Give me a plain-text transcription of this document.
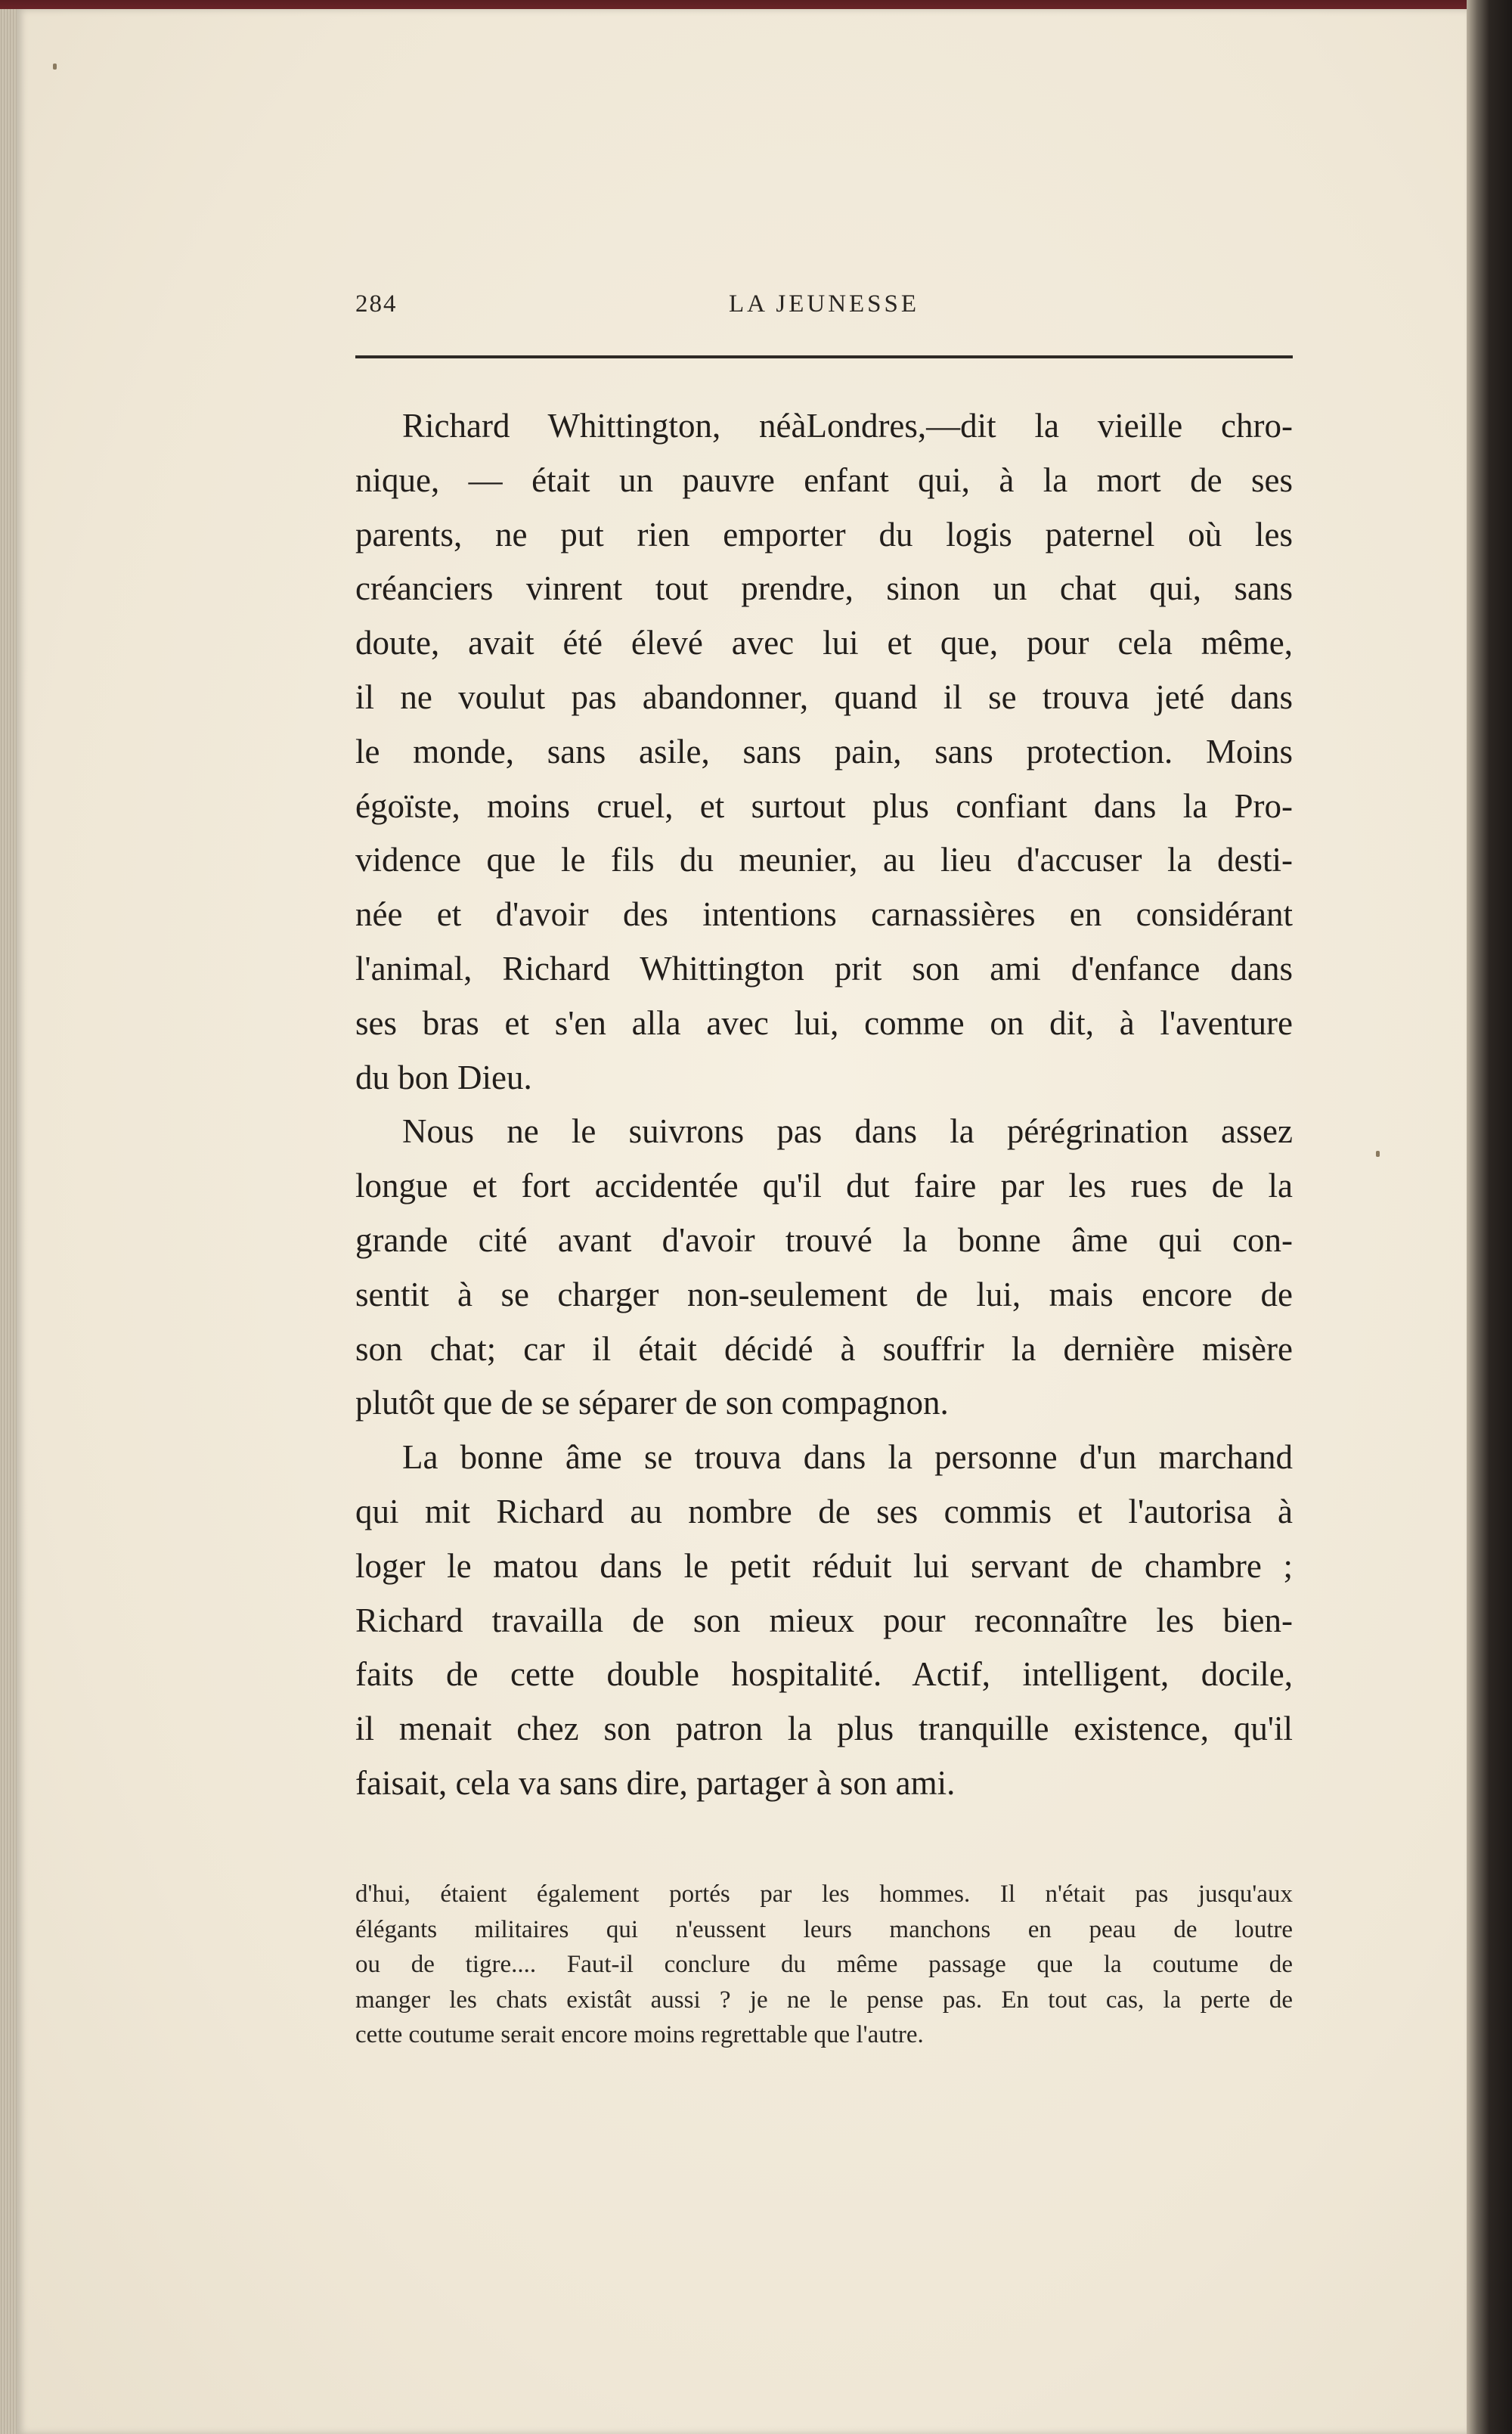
284	LA JEUNESSE
Richard Whittington, néàLondres,—dit la vieille chro-
nique, — était un pauvre enfant qui, à la mort de ses
parents, ne put rien emporter du logis paternel où les
créanciers vinrent tout prendre, sinon un chat qui, sans
doute, avait été élevé avec lui et que, pour cela même,
il ne voulut pas abandonner, quand il se trouva jeté dans
le monde, sans asile, sans pain, sans protection. Moins
égoïste, moins cruel, et surtout plus confiant dans la Pro-
vidence que le fils du meunier, au lieu d'accuser la desti-
née et d'avoir des intentions carnassières en considérant
l'animal, Richard Whittington prit son ami d'enfance dans
ses bras et s'en alla avec lui, comme on dit, à l'aventure
du bon Dieu.
Nous ne le suivrons pas dans la pérégrination assez
longue et fort accidentée qu'il dut faire par les rues de la
grande cité avant d'avoir trouvé la bonne âme qui con-
sentit à se charger non-seulement de lui, mais encore de
son chat; car il était décidé à souffrir la dernière misère
plutôt que de se séparer de son compagnon.
La bonne âme se trouva dans la personne d'un marchand
qui mit Richard au nombre de ses commis et l'autorisa à
loger le matou dans le petit réduit lui servant de chambre ;
Richard travailla de son mieux pour reconnaître les bien-
faits de cette double hospitalité. Actif, intelligent, docile,
il menait chez son patron la plus tranquille existence, qu'il
faisait, cela va sans dire, partager à son ami.
d'hui, étaient également portés par les hommes. Il n'était pas jusqu'aux
élégants militaires qui n'eussent leurs manchons en peau de loutre
ou de tigre.... Faut-il conclure du même passage que la coutume de
manger les chats existât aussi ? je ne le pense pas. En tout cas, la perte de
cette coutume serait encore moins regrettable que l'autre.
